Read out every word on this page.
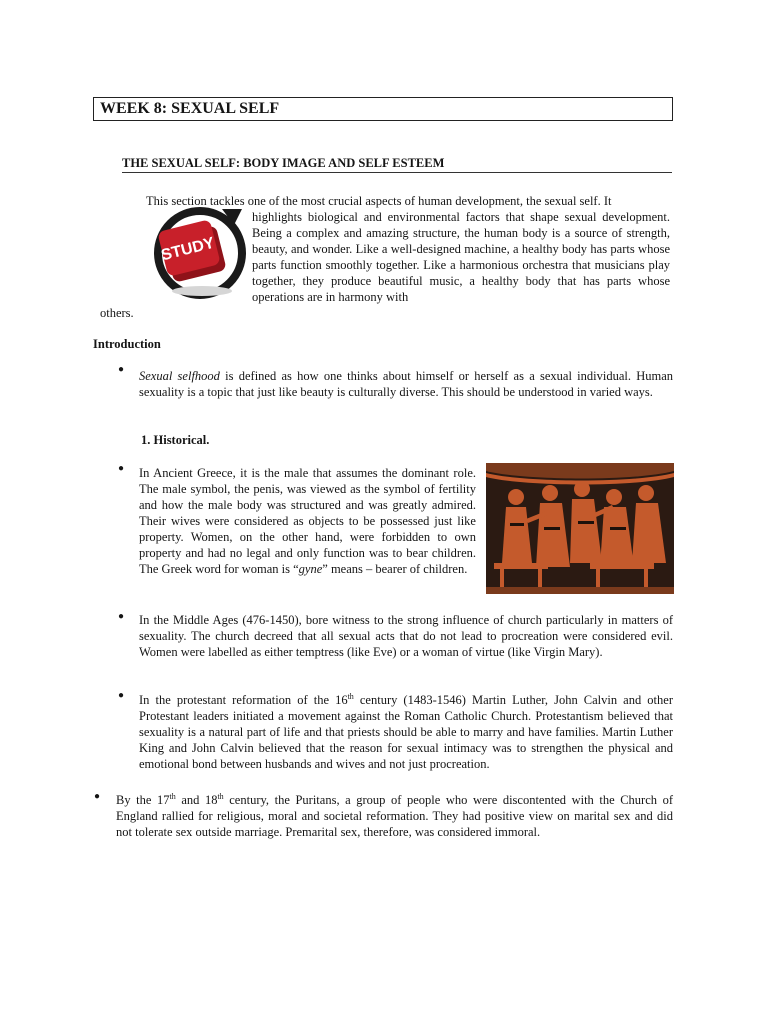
WEEK 8: SEXUAL SELF
THE SEXUAL SELF: BODY IMAGE AND SELF ESTEEM

This section tackles one of the most crucial aspects of human development, the sexual self. It

highlights biological and environmental factors that shape sexual development. Being a complex and amazing structure, the human body is a source of strength, beauty, and wonder. Like a well-designed machine, a healthy body has parts whose parts function smoothly together. Like a harmonious orchestra that musicians play together, they produce beautiful music, a healthy body that has parts whose operations are in harmony with

others.
STUDY
Introduction
● Sexual selfhood is defined as how one thinks about himself or herself as a sexual individual. Human sexuality is a topic that just like beauty is culturally diverse. This should be understood in varied ways.
1. Historical.
● In Ancient Greece, it is the male that assumes the dominant role. The male symbol, the penis, was viewed as the symbol of fertility and how the male body was structured and was greatly admired. Their wives were considered as objects to be possessed just like property. Women, on the other hand, were forbidden to own property and had no legal and only function was to bear children. The Greek word for woman is “gyne” means – bearer of children.
● In the Middle Ages (476-1450), bore witness to the strong influence of church particularly in matters of sexuality. The church decreed that all sexual acts that do not lead to procreation were considered evil. Women were labelled as either temptress (like Eve) or a woman of virtue (like Virgin Mary).
● In the protestant reformation of the 16th century (1483-1546) Martin Luther, John Calvin and other Protestant leaders initiated a movement against the Roman Catholic Church. Protestantism believed that sexuality is a natural part of life and that priests should be able to marry and have families. Martin Luther King and John Calvin believed that the reason for sexual intimacy was to strengthen the physical and emotional bond between husbands and wives and not just procreation.
● By the 17th and 18th century, the Puritans, a group of people who were discontented with the Church of England rallied for religious, moral and societal reformation. They had positive view on marital sex and did not tolerate sex outside marriage. Premarital sex, therefore, was considered immoral.
